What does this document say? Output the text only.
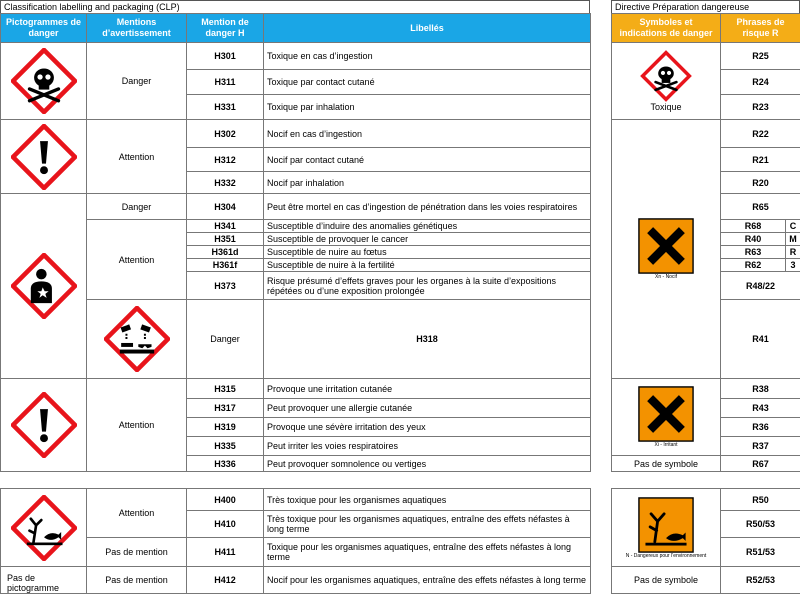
Classification labelling and packaging (CLP)
Pictogrammes de danger	Mentions d’avertissement	Mention de danger H	Libellés	

	Danger	H301	Toxique en cas d’ingestion	
		H311	Toxique par contact cutané	
		H331	Toxique par inhalation	

	Attention	H302	Nocif en cas d’ingestion	
		H312	Nocif par contact cutané	
		H332	Nocif par inhalation	

	Danger	H304	Peut être mortel en cas d’ingestion de pénétration dans les voies respiratoires	
	Attention	H341	Susceptible d’induire des anomalies génétiques	
		H351	Susceptible de provoquer le cancer	
		H361d	Susceptible de nuire au fœtus	
		H361f	Susceptible de nuire à la fertilité	
		H373	Risque présumé d’effets graves pour les organes à la suite d’expositions répétées ou d’une exposition prolongée	

	Danger	H318	

	Attention	H315	Provoque une irritation cutanée	
		H317	Peut provoquer une allergie cutanée	
		H319	Provoque une sévère irritation des yeux	
		H335	Peut irriter les voies respiratoires	
		H336	Peut provoquer somnolence ou vertiges	

	Attention	H400	Très toxique pour les organismes aquatiques	
		H410	Très toxique pour les organismes aquatiques, entraîne des effets néfastes à long terme	
	Pas de mention	H411	Toxique pour les organismes aquatiques, entraîne des effets néfastes à long terme	
Pas de pictogramme	Pas de mention	H412	Nocif pour les organismes aquatiques, entraîne des effets néfastes à long terme	
Directive Préparation dangereuse
Symboles et indications de danger	Phrases de risque R	

Toxique	R25	
	R24	
	R23	

Xn - Nocif	R22	
	R21	
	R20	
	R65	
	R68	C
	R40	M
	R63	R
	R62	3
	R48/22	
	R41	

Xi - Irritant	R38	
	R43	
	R36	
	R37	
Pas de symbole	R67	

N - Dangereux pour l’environnement	R50	
	R50/53	
	R51/53	
Pas de symbole	R52/53	
